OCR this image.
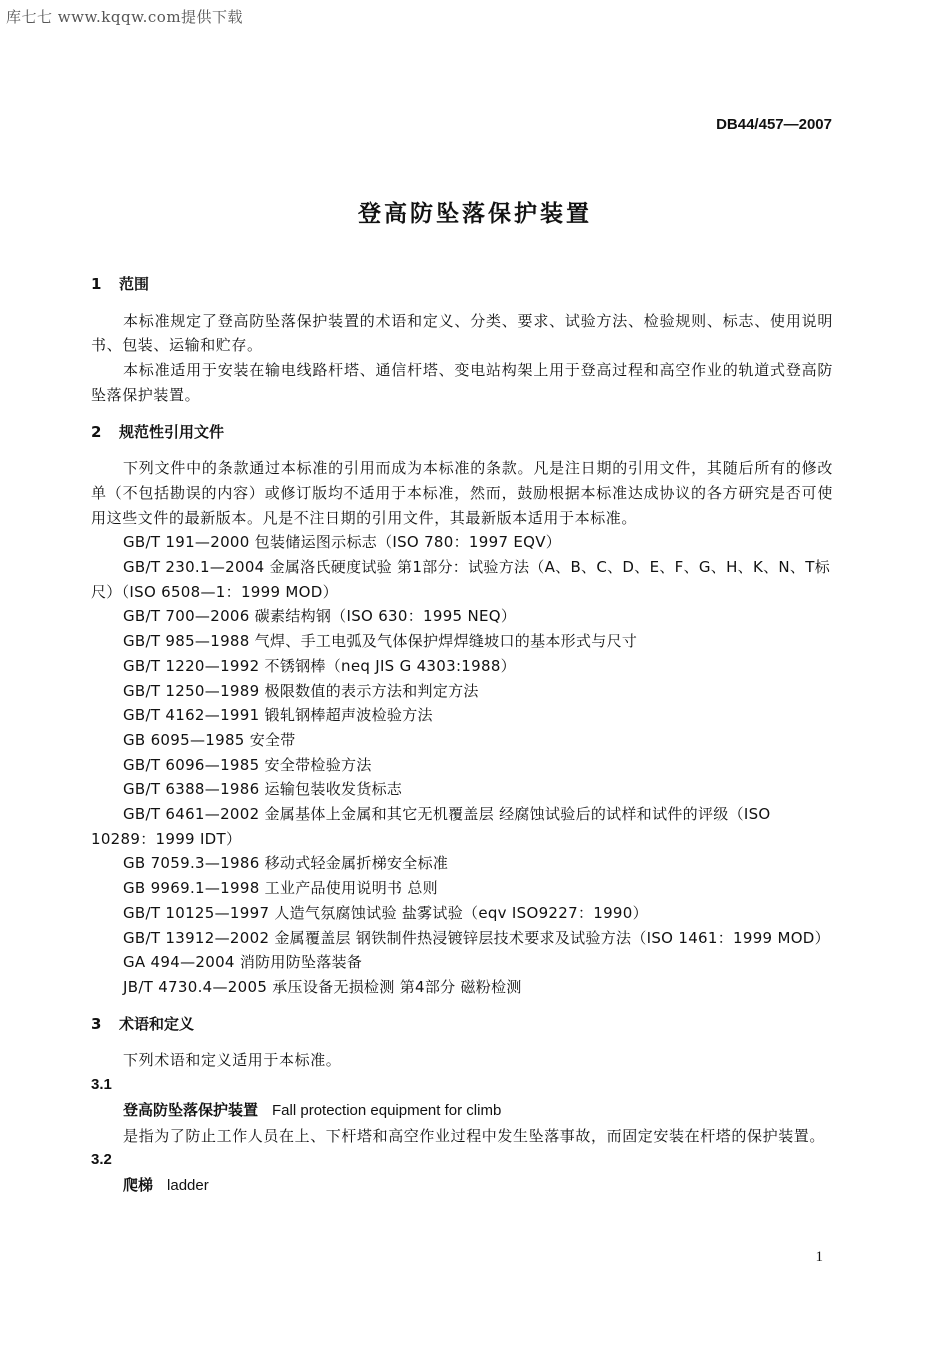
库七七 www.kqqw.com提供下载
DB44/457—2007
登高防坠落保护装置

1 范围

本标准规定了登高防坠落保护装置的术语和定义、分类、要求、试验方法、检验规则、标志、使用说明书、包装、运输和贮存。

本标准适用于安装在输电线路杆塔、通信杆塔、变电站构架上用于登高过程和高空作业的轨道式登高防坠落保护装置。

2 规范性引用文件

下列文件中的条款通过本标准的引用而成为本标准的条款。凡是注日期的引用文件，其随后所有的修改单（不包括勘误的内容）或修订版均不适用于本标准，然而，鼓励根据本标准达成协议的各方研究是否可使用这些文件的最新版本。凡是不注日期的引用文件，其最新版本适用于本标准。

GB/T 191—2000 包装储运图示标志（ISO 780：1997 EQV）

GB/T 230.1—2004 金属洛氏硬度试验 第1部分：试验方法（A、B、C、D、E、F、G、H、K、N、T标尺）（ISO 6508—1：1999 MOD）

GB/T 700—2006 碳素结构钢（ISO 630：1995 NEQ）

GB/T 985—1988 气焊、手工电弧及气体保护焊焊缝坡口的基本形式与尺寸

GB/T 1220—1992 不锈钢棒（neq JIS G 4303:1988）

GB/T 1250—1989 极限数值的表示方法和判定方法

GB/T 4162—1991 锻轧钢棒超声波检验方法

GB 6095—1985 安全带

GB/T 6096—1985 安全带检验方法

GB/T 6388—1986 运输包装收发货标志

GB/T 6461—2002 金属基体上金属和其它无机覆盖层 经腐蚀试验后的试样和试件的评级（ISO 10289：1999 IDT）

GB 7059.3—1986 移动式轻金属折梯安全标准

GB 9969.1—1998 工业产品使用说明书 总则

GB/T 10125—1997 人造气氛腐蚀试验 盐雾试验（eqv ISO9227：1990）

GB/T 13912—2002 金属覆盖层 钢铁制件热浸镀锌层技术要求及试验方法（ISO 1461：1999 MOD）

GA 494—2004 消防用防坠落装备

JB/T 4730.4—2005 承压设备无损检测 第4部分 磁粉检测

3 术语和定义

下列术语和定义适用于本标准。

3.1

登高防坠落保护装置 Fall protection equipment for climb

是指为了防止工作人员在上、下杆塔和高空作业过程中发生坠落事故，而固定安装在杆塔的保护装置。

3.2

爬梯 ladder

1
